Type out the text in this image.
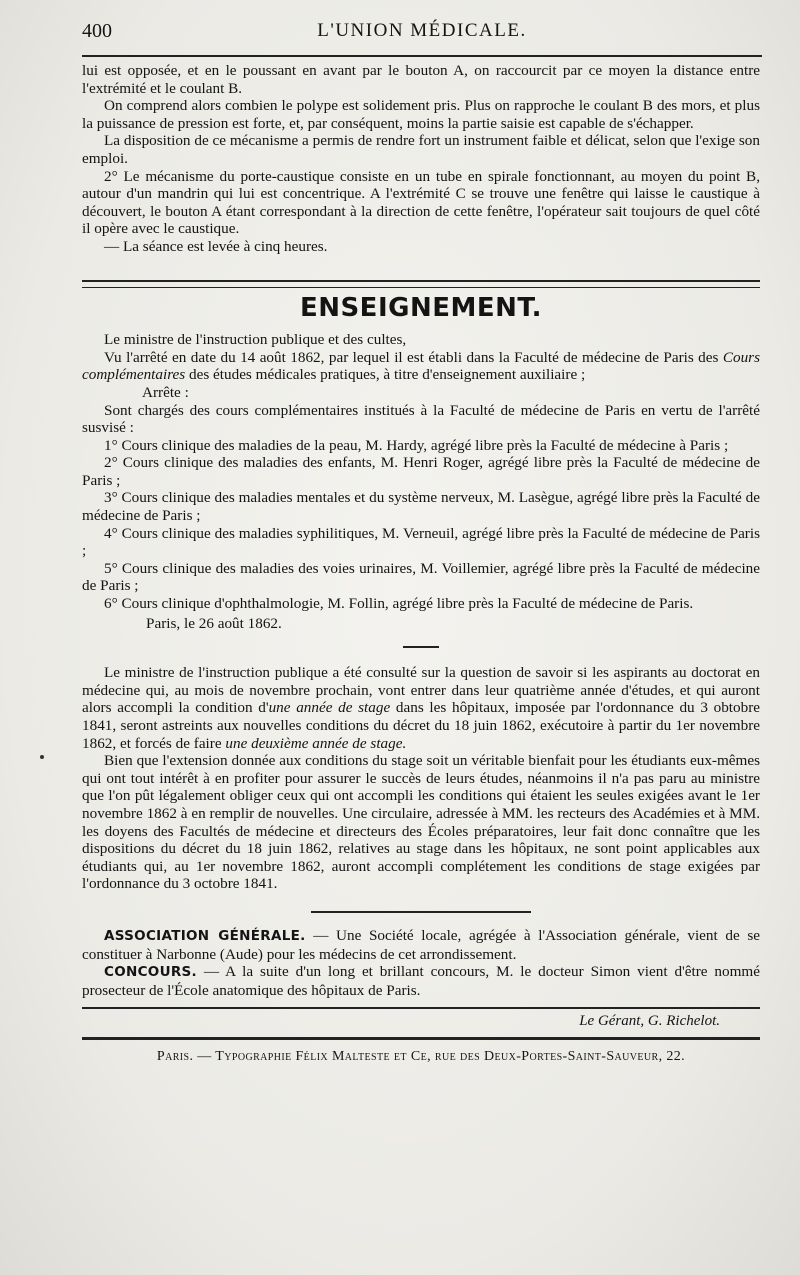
400	L'UNION MÉDICALE.

lui est opposée, et en le poussant en avant par le bouton A, on raccourcit par ce moyen la distance entre l'extrémité et le coulant B.

On comprend alors combien le polype est solidement pris. Plus on rapproche le coulant B des mors, et plus la puissance de pression est forte, et, par conséquent, moins la partie saisie est capable de s'échapper.

La disposition de ce mécanisme a permis de rendre fort un instrument faible et délicat, selon que l'exige son emploi.

2° Le mécanisme du porte-caustique consiste en un tube en spirale fonctionnant, au moyen du point B, autour d'un mandrin qui lui est concentrique. A l'extrémité C se trouve une fenêtre qui laisse le caustique à découvert, le bouton A étant correspondant à la direction de cette fenêtre, l'opérateur sait toujours de quel côté il opère avec le caustique.

— La séance est levée à cinq heures.

ENSEIGNEMENT.

Le ministre de l'instruction publique et des cultes,

Vu l'arrêté en date du 14 août 1862, par lequel il est établi dans la Faculté de médecine de Paris des Cours complémentaires des études médicales pratiques, à titre d'enseignement auxiliaire ;

Arrête :

Sont chargés des cours complémentaires institués à la Faculté de médecine de Paris en vertu de l'arrêté susvisé :

1° Cours clinique des maladies de la peau, M. Hardy, agrégé libre près la Faculté de médecine à Paris ;

2° Cours clinique des maladies des enfants, M. Henri Roger, agrégé libre près la Faculté de médecine de Paris ;

3° Cours clinique des maladies mentales et du système nerveux, M. Lasègue, agrégé libre près la Faculté de médecine de Paris ;

4° Cours clinique des maladies syphilitiques, M. Verneuil, agrégé libre près la Faculté de médecine de Paris ;

5° Cours clinique des maladies des voies urinaires, M. Voillemier, agrégé libre près la Faculté de médecine de Paris ;

6° Cours clinique d'ophthalmologie, M. Follin, agrégé libre près la Faculté de médecine de Paris.

Paris, le 26 août 1862.

Le ministre de l'instruction publique a été consulté sur la question de savoir si les aspirants au doctorat en médecine qui, au mois de novembre prochain, vont entrer dans leur quatrième année d'études, et qui auront alors accompli la condition d'une année de stage dans les hôpitaux, imposée par l'ordonnance du 3 obtobre 1841, seront astreints aux nouvelles conditions du décret du 18 juin 1862, exécutoire à partir du 1er novembre 1862, et forcés de faire une deuxième année de stage.

Bien que l'extension donnée aux conditions du stage soit un véritable bienfait pour les étudiants eux-mêmes qui ont tout intérêt à en profiter pour assurer le succès de leurs études, néanmoins il n'a pas paru au ministre que l'on pût légalement obliger ceux qui ont accompli les conditions qui étaient les seules exigées avant le 1er novembre 1862 à en remplir de nouvelles. Une circulaire, adressée à MM. les recteurs des Académies et à MM. les doyens des Facultés de médecine et directeurs des Écoles préparatoires, leur fait donc connaître que les dispositions du décret du 18 juin 1862, relatives au stage dans les hôpitaux, ne sont point applicables aux étudiants qui, au 1er novembre 1862, auront accompli complétement les conditions de stage exigées par l'ordonnance du 3 octobre 1841.

ASSOCIATION GÉNÉRALE. — Une Société locale, agrégée à l'Association générale, vient de se constituer à Narbonne (Aude) pour les médecins de cet arrondissement.

CONCOURS. — A la suite d'un long et brillant concours, M. le docteur Simon vient d'être nommé prosecteur de l'École anatomique des hôpitaux de Paris.

Le Gérant, G. Richelot.

Paris. — Typographie Félix Malteste et Ce, rue des Deux-Portes-Saint-Sauveur, 22.
